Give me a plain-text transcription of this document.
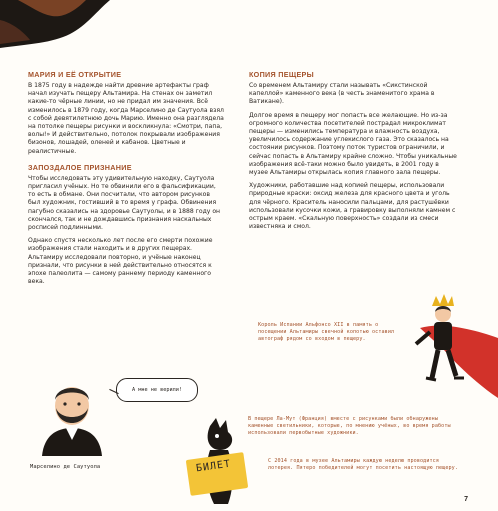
МАРИЯ И ЕЁ ОТКРЫТИЕ

В 1875 году в надежде найти древние артефакты граф начал изучать пещеру Альтамира. На стенах он заметил какие-то чёрные линии, но не придал им значения. Всё изменилось в 1879 году, когда Марселино де Саутуола взял с собой девятилетнюю дочь Марию. Именно она разглядела на потолке пещеры рисунки и воскликнула: «Смотри, папа, волы!» И действительно, потолок покрывали изображения бизонов, лошадей, оленей и кабанов. Цветные и реалистичные.

ЗАПОЗДАЛОЕ ПРИЗНАНИЕ

Чтобы исследовать эту удивительную находку, Саутуола пригласил учёных. Но те обвинили его в фальсификации, то есть в обмане. Они посчитали, что автором рисунков был художник, гостивший в то время у графа. Обвинения пагубно сказались на здоровье Саутуолы, и в 1888 году он скончался, так и не дождавшись признания наскальных росписей подлинными.

Однако спустя несколько лет после его смерти похожие изображения стали находить и в других пещерах. Альтамиру исследовали повторно, и учёные наконец признали, что рисунки в ней действительно относятся к эпохе палеолита — самому раннему периоду каменного века.

КОПИЯ ПЕЩЕРЫ

Со временем Альтамиру стали называть «Сикстинской капеллой» каменного века (в честь знаменитого храма в Ватикане).

Долгое время в пещеру мог попасть все желающие. Но из-за огромного количества посетителей пострадал микроклимат пещеры — изменились температура и влажность воздуха, увеличилось содержание углекислого газа. Это сказалось на состоянии рисунков. Поэтому поток туристов ограничили, и сейчас попасть в Альтамиру крайне сложно. Чтобы уникальные изображения всё-таки можно было увидеть, в 2001 году в музее Альтамиры открылась копия главного зала пещеры.

Художники, работавшие над копией пещеры, использовали природные краски: оксид железа для красного цвета и уголь для чёрного. Краситель наносили пальцами, для растушёвки использовали кусочки кожи, а гравировку выполняли камнем с острым краем. «Скальную поверхность» создали из смеси известняка и смол.

Король Испании Альфонсо XII в память о посещении Альтамиры свечной копотью оставил автограф рядом со входом в пещеру.
В пещере Ла-Мут (Франция) вместе с рисунками были обнаружены каменные светильники, которые, по мнению учёных, во время работы использовали первобытные художники.
С 2014 года в музее Альтамиры каждую неделю проводится лотерея. Пятеро победителей могут посетить настоящую пещеру.
Марселино де Саутуола
А мне не верили!
БИЛЕТ
7
